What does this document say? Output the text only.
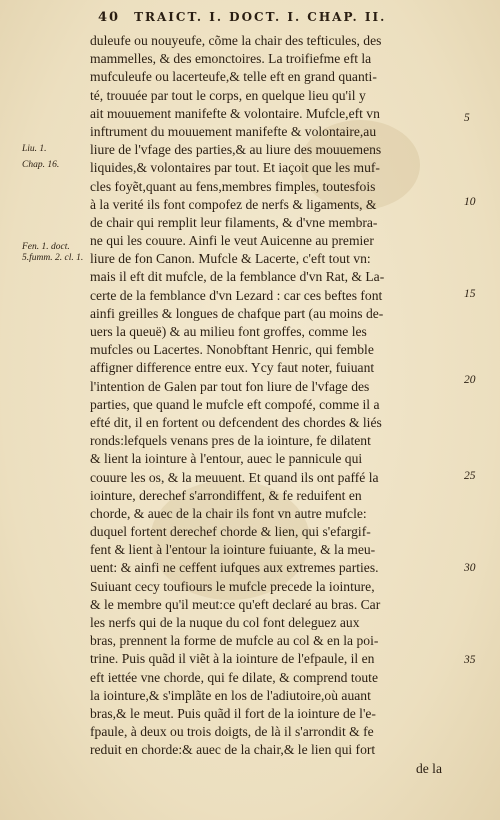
40 TRAICT. I. DOCT. I. CHAP. II.
duleufe ou nouyeufe, cõme la chair des tefticules, des
mammelles, & des emonctoires. La troifiefme eft la
mufculeufe ou lacerteufe,& telle eft en grand quanti-
té, trouuée par tout le corps, en quelque lieu qu'il y
ait mouuement manifefte & volontaire. Mufcle,eft vn
inftrument du mouuement manifefte & volontaire,au
liure de l'vfage des parties,& au liure des mouuemens
liquides,& volontaires par tout. Et iaçoit que les muf-
cles foyẽt,quant au fens,membres fimples, toutesfois
à la verité ils font compofez de nerfs & ligaments, &
de chair qui remplit leur filaments, & d'vne membra-
ne qui les couure. Ainfi le veut Auicenne au premier
liure de fon Canon. Mufcle & Lacerte, c'eft tout vn:
mais il eft dit mufcle, de la femblance d'vn Rat, & La-
certe de la femblance d'vn Lezard : car ces beftes font
ainfi greilles & longues de chafque part (au moins de-
uers la queuë) & au milieu font groffes, comme les
mufcles ou Lacertes. Nonobftant Henric, qui femble
affigner difference entre eux. Ycy faut noter, fuiuant
l'intention de Galen par tout fon liure de l'vfage des
parties, que quand le mufcle eft compofé, comme il a
efté dit, il en fortent ou defcendent des chordes & liés
ronds:lefquels venans pres de la iointure, fe dilatent
& lient la iointure à l'entour, auec le pannicule qui
couure les os, & la meuuent. Et quand ils ont paffé la
iointure, derechef s'arrondiffent, & fe reduifent en
chorde, & auec de la chair ils font vn autre mufcle:
duquel fortent derechef chorde & lien, qui s'efargif-
fent & lient à l'entour la iointure fuiuante, & la meu-
uent: & ainfi ne ceffent iufques aux extremes parties.
Suiuant cecy toufiours le mufcle precede la iointure,
& le membre qu'il meut:ce qu'eft declaré au bras. Car
les nerfs qui de la nuque du col font deleguez aux
bras, prennent la forme de mufcle au col & en la poi-
trine. Puis quãd il viẽt à la iointure de l'efpaule, il en
eft iettée vne chorde, qui fe dilate, & comprend toute
la iointure,& s'implãte en los de l'adiutoire,où auant
bras,& le meut. Puis quãd il fort de la iointure de l'e-
fpaule, à deux ou trois doigts, de là il s'arrondit & fe
reduit en chorde:& auec de la chair,& le lien qui fort
de la
Liu. 1.
Chap. 16.
Fen. 1. doct. 5.fumm. 2. cl. 1.
5
10
15
20
25
30
35
